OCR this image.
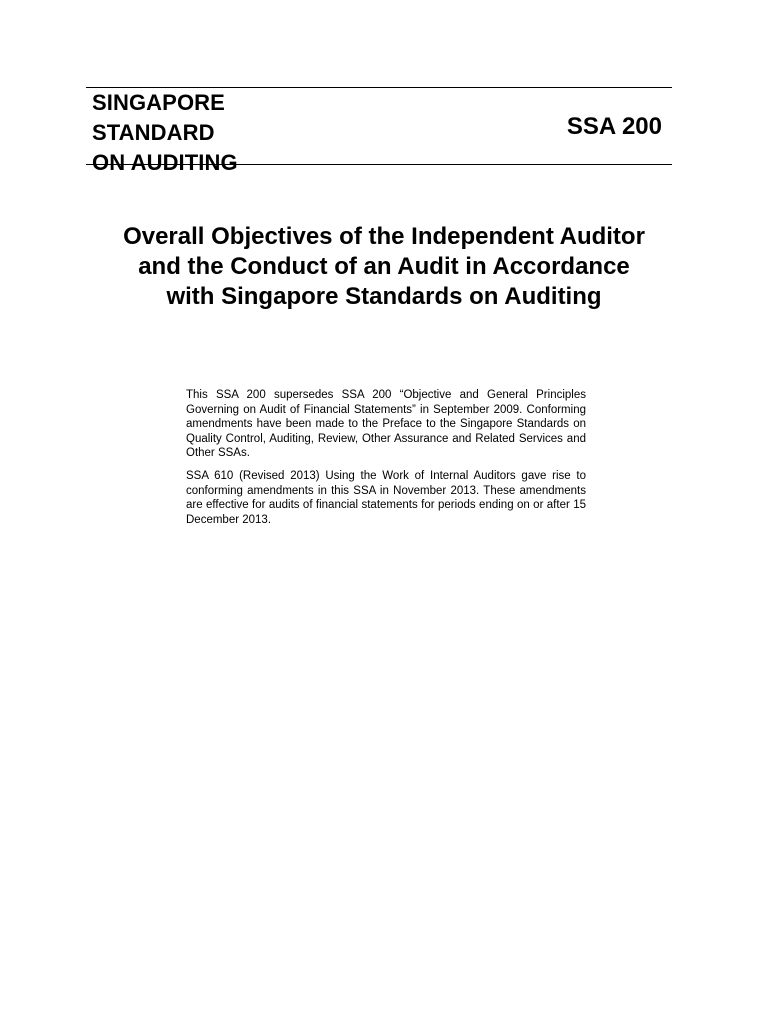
SINGAPORE
STANDARD
ON AUDITING
SSA 200
Overall Objectives of the Independent Auditor
and the Conduct of an Audit in Accordance
with Singapore Standards on Auditing

This SSA 200 supersedes SSA 200 “Objective and General Principles Governing on Audit of Financial Statements” in September 2009. Conforming amendments have been made to the Preface to the Singapore Standards on Quality Control, Auditing, Review, Other Assurance and Related Services and Other SSAs.

SSA 610 (Revised 2013) Using the Work of Internal Auditors gave rise to conforming amendments in this SSA in November 2013. These amendments are effective for audits of financial statements for periods ending on or after 15 December 2013.
